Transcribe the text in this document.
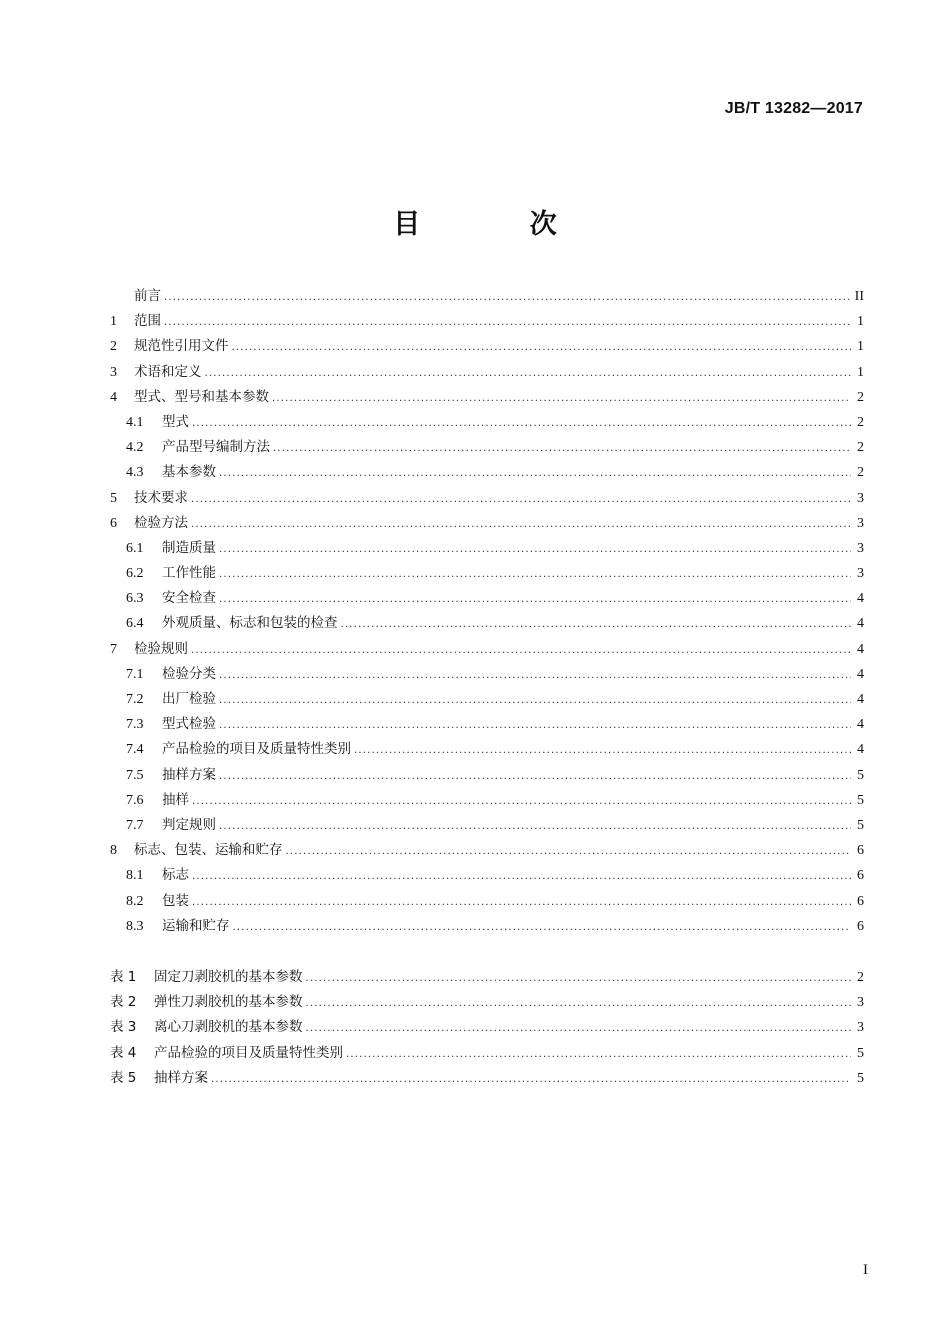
JB/T 13282—2017
目 次
前言 .....	II
1	范围 .....	1
2	规范性引用文件 .....	1
3	术语和定义 .....	1
4	型式、型号和基本参数 .....	2
4.1	型式 .....	2
4.2	产品型号编制方法 .....	2
4.3	基本参数 .....	2
5	技术要求 .....	3
6	检验方法 .....	3
6.1	制造质量 .....	3
6.2	工作性能 .....	3
6.3	安全检查 .....	4
6.4	外观质量、标志和包装的检查 .....	4
7	检验规则 .....	4
7.1	检验分类 .....	4
7.2	出厂检验 .....	4
7.3	型式检验 .....	4
7.4	产品检验的项目及质量特性类别 .....	4
7.5	抽样方案 .....	5
7.6	抽样 .....	5
7.7	判定规则 .....	5
8	标志、包装、运输和贮存 .....	6
8.1	标志 .....	6
8.2	包装 .....	6
8.3	运输和贮存 .....	6
表 1	固定刀剥胶机的基本参数 .....	2
表 2	弹性刀剥胶机的基本参数 .....	3
表 3	离心刀剥胶机的基本参数 .....	3
表 4	产品检验的项目及质量特性类别 .....	5
表 5	抽样方案 .....	5
I
